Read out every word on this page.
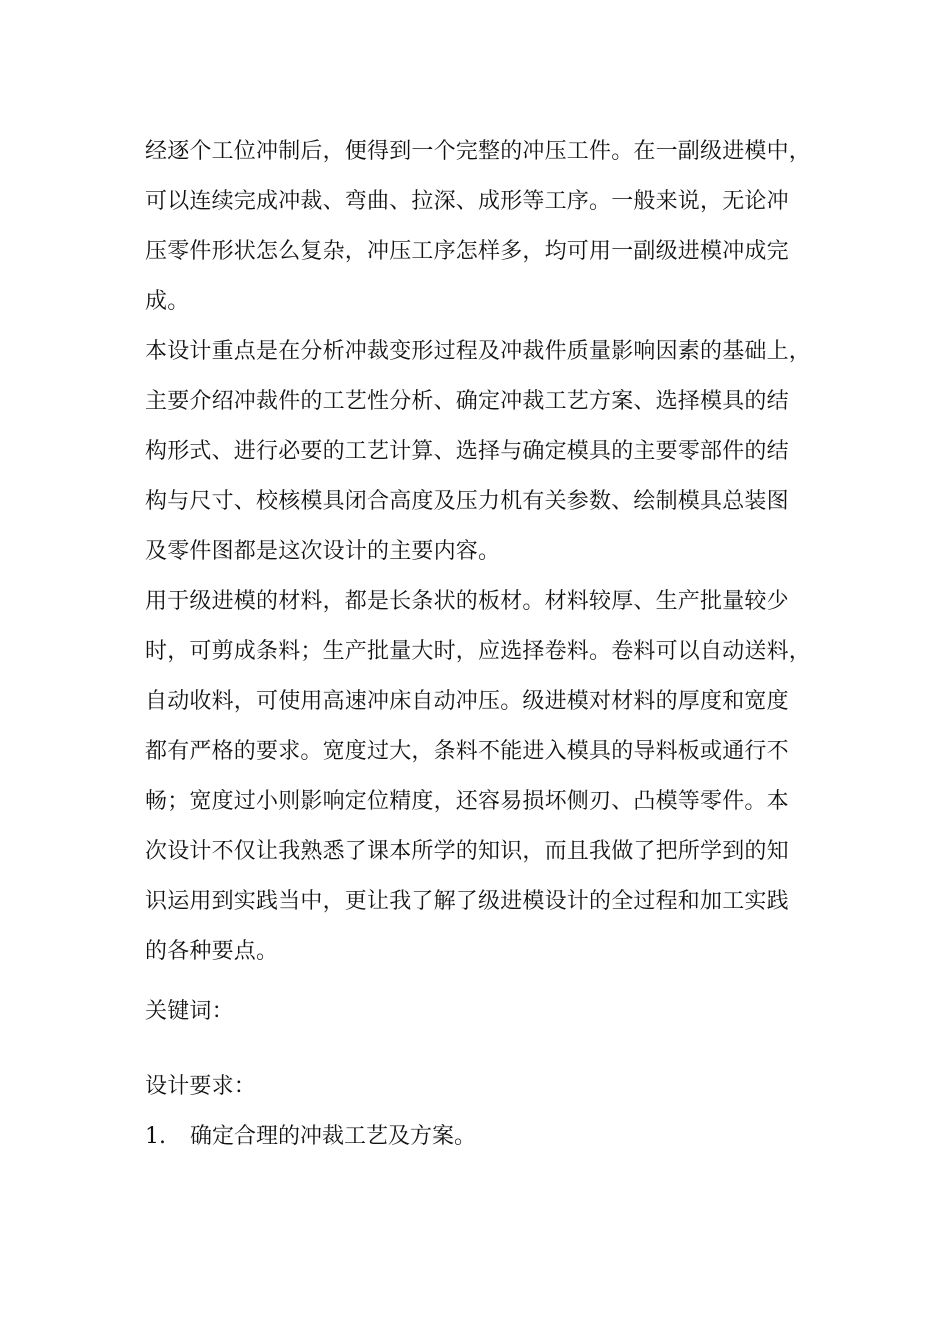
经逐个工位冲制后，便得到一个完整的冲压工件。在一副级进模中，
可以连续完成冲裁、弯曲、拉深、成形等工序。一般来说，无论冲
压零件形状怎么复杂，冲压工序怎样多，均可用一副级进模冲成完
成。
本设计重点是在分析冲裁变形过程及冲裁件质量影响因素的基础上，
主要介绍冲裁件的工艺性分析、确定冲裁工艺方案、选择模具的结
构形式、进行必要的工艺计算、选择与确定模具的主要零部件的结
构与尺寸、校核模具闭合高度及压力机有关参数、绘制模具总装图
及零件图都是这次设计的主要内容。
用于级进模的材料，都是长条状的板材。材料较厚、生产批量较少
时，可剪成条料；生产批量大时，应选择卷料。卷料可以自动送料，
自动收料，可使用高速冲床自动冲压。级进模对材料的厚度和宽度
都有严格的要求。宽度过大，条料不能进入模具的导料板或通行不
畅；宽度过小则影响定位精度，还容易损坏侧刃、凸模等零件。本
次设计不仅让我熟悉了课本所学的知识，而且我做了把所学到的知
识运用到实践当中，更让我了解了级进模设计的全过程和加工实践
的各种要点。
关键词：
设计要求：
1. 确定合理的冲裁工艺及方案。
